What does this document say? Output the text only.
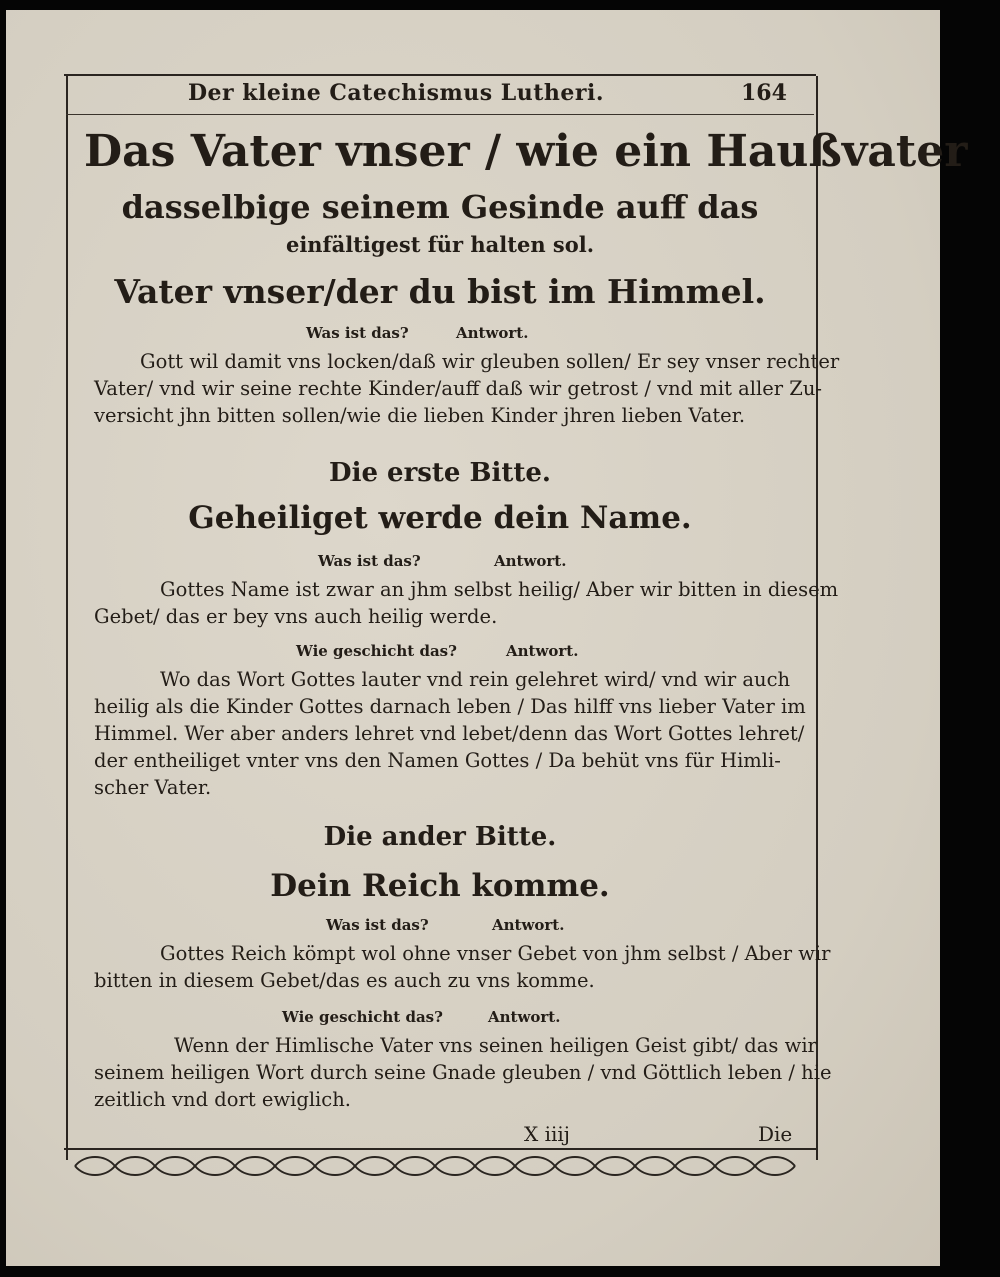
Der kleine Catechismus Lutheri.	164

Das Vater vnser / wie ein Haußvater

dasselbige seinem Gesinde auff das

einfältigest für halten sol.

Vater vnser/der du bist im Himmel.

Was ist das?	Antwort.

Gott wil damit vns locken/daß wir gleuben sollen/ Er sey vnser rechter
Vater/ vnd wir seine rechte Kinder/auff daß wir getrost / vnd mit aller Zu-
versicht jhn bitten sollen/wie die lieben Kinder jhren lieben Vater.

Die erste Bitte.

Geheiliget werde dein Name.

Was ist das?	Antwort.

Gottes Name ist zwar an jhm selbst heilig/ Aber wir bitten in diesem
Gebet/ das er bey vns auch heilig werde.

Wie geschicht das?	Antwort.

Wo das Wort Gottes lauter vnd rein gelehret wird/ vnd wir auch
heilig als die Kinder Gottes darnach leben / Das hilff vns lieber Vater im
Himmel. Wer aber anders lehret vnd lebet/denn das Wort Gottes lehret/
der entheiliget vnter vns den Namen Gottes / Da behüt vns für Himli-
scher Vater.

Die ander Bitte.

Dein Reich komme.

Was ist das?	Antwort.

Gottes Reich kömpt wol ohne vnser Gebet von jhm selbst / Aber wir
bitten in diesem Gebet/das es auch zu vns komme.

Wie geschicht das?	Antwort.

Wenn der Himlische Vater vns seinen heiligen Geist gibt/ das wir
seinem heiligen Wort durch seine Gnade gleuben / vnd Göttlich leben / hie
zeitlich vnd dort ewiglich.

X iiij	Die
